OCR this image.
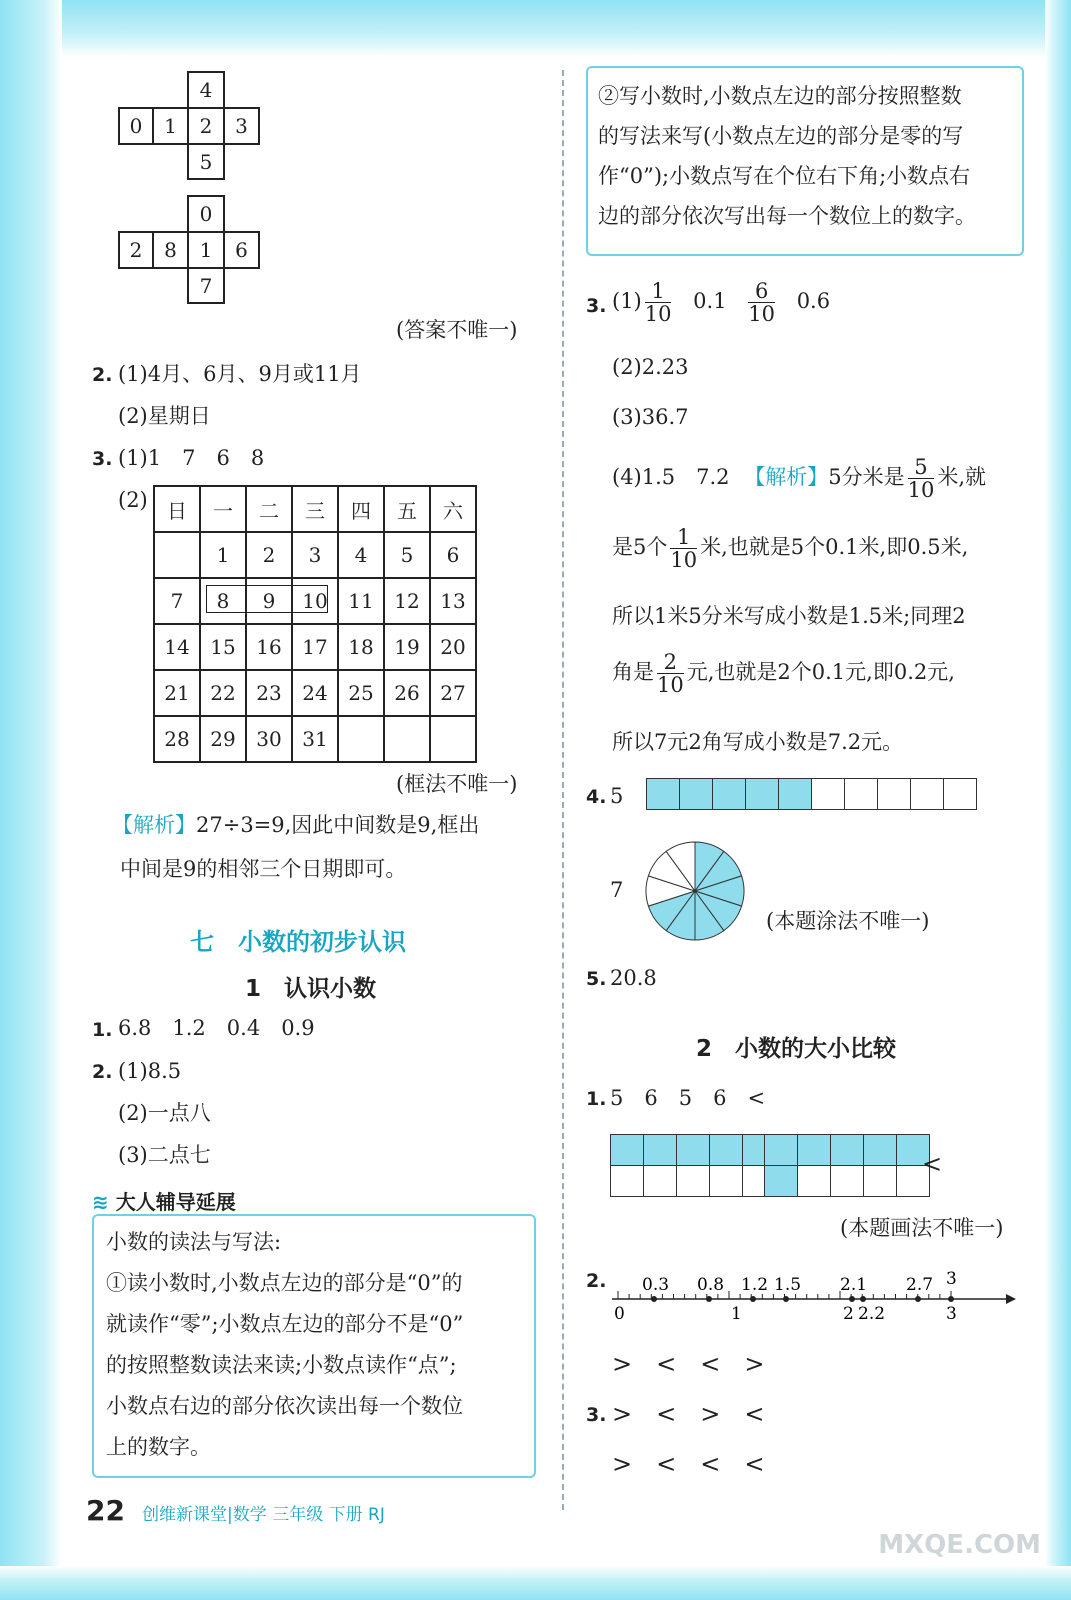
		4	
0	1	2	3
		5	
		0	
2	8	1	6
		7	
(答案不唯一)
2. (1)4月、6月、9月或11月
(2)星期日
3. (1)1　7　6　8
(2) 日	一	二	三	四	五	六
	1	2	3	4	5	6
7	8	9	10	11	12	13
14	15	16	17	18	19	20
21	22	23	24	25	26	27
28	29	30	31			
(框法不唯一)
【解析】27÷3=9,因此中间数是9,框出
中间是9的相邻三个日期即可。
七　小数的初步认识
1　认识小数
1. 6.8　1.2　0.4　0.9
2. (1)8.5
(2)一点八
(3)二点七
≋ 大人辅导延展
小数的读法与写法:
①读小数时,小数点左边的部分是“0”的
就读作“零”;小数点左边的部分不是“0”
的按照整数读法来读;小数点读作“点”;
小数点右边的部分依次读出每一个数位
上的数字。
②写小数时,小数点左边的部分按照整数
的写法来写(小数点左边的部分是零的写
作“0”);小数点写在个位右下角;小数点右
边的部分依次写出每一个数位上的数字。
3. $(1) \frac{1}{10} 0.1 \frac{6}{10} 0.6$
(2)2.23
(3)36.7
(4)1.5　7.2 【解析】5分米是 $\frac{5}{10}$ 米,就
是5个 $\frac{1}{10}$ 米,也就是5个0.1米,即0.5米,
所以1米5分米写成小数是1.5米;同理2
角是 $\frac{2}{10}$ 元,也就是2个0.1元,即0.2元,
所以7元2角写成小数是7.2元。
4. 5

7
(本题涂法不唯一)
5. 20.8
2　小数的大小比较
1. 5　6　5　6　<

<
(本题画法不唯一)
2. 0.3 0.8 1.2 1.5 2.1 2.7 3
0	1	2 2.2	3
>　<　<　>
3. >　<　>　<
>　<　<　<
22 创维新课堂|数学 三年级 下册 RJ
MXQE.COM
